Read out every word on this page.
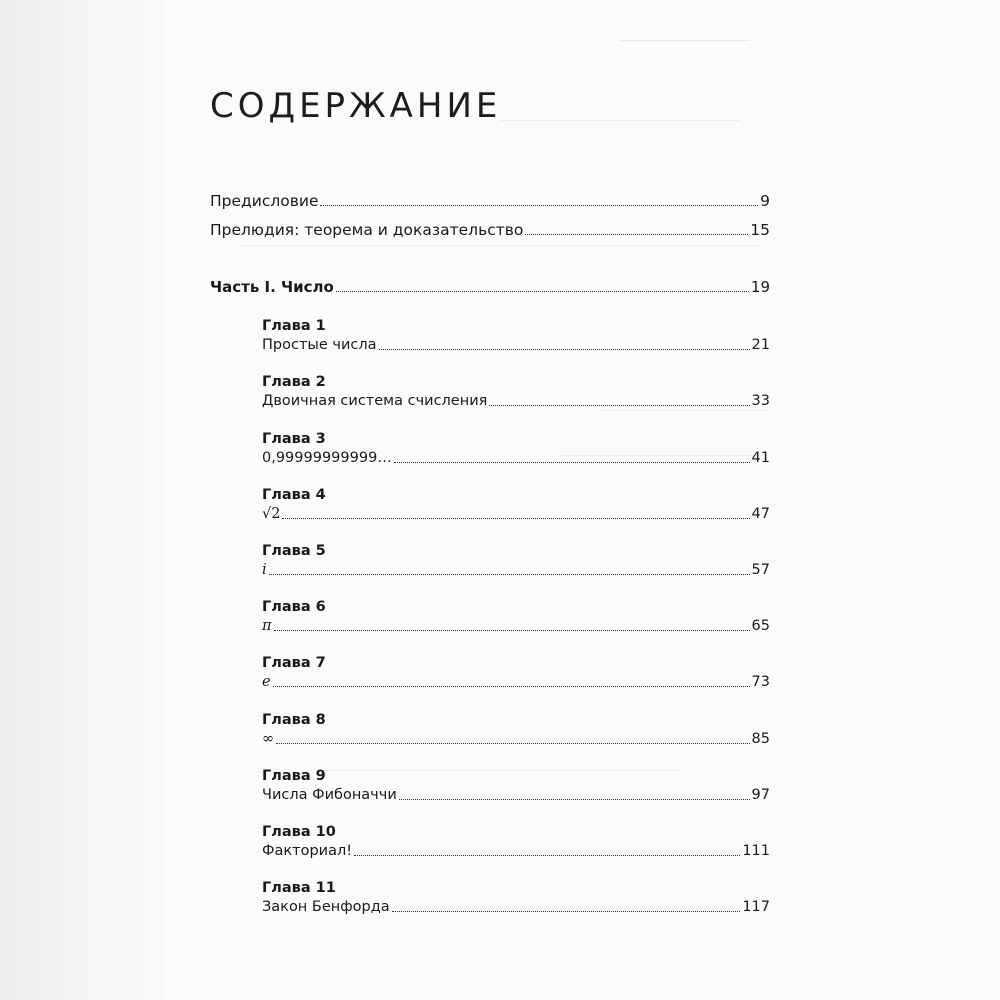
СОДЕРЖАНИЕ
Предисловие	9
Прелюдия: теорема и доказательство	15
Часть I. Число	19
Глава 1
Простые числа	21
Глава 2
Двоичная система счисления	33
Глава 3
0,99999999999…	41
Глава 4
√2	47
Глава 5
i	57
Глава 6
π	65
Глава 7
e	73
Глава 8
∞	85
Глава 9
Числа Фибоначчи	97
Глава 10
Факториал!	111
Глава 11
Закон Бенфорда	117
